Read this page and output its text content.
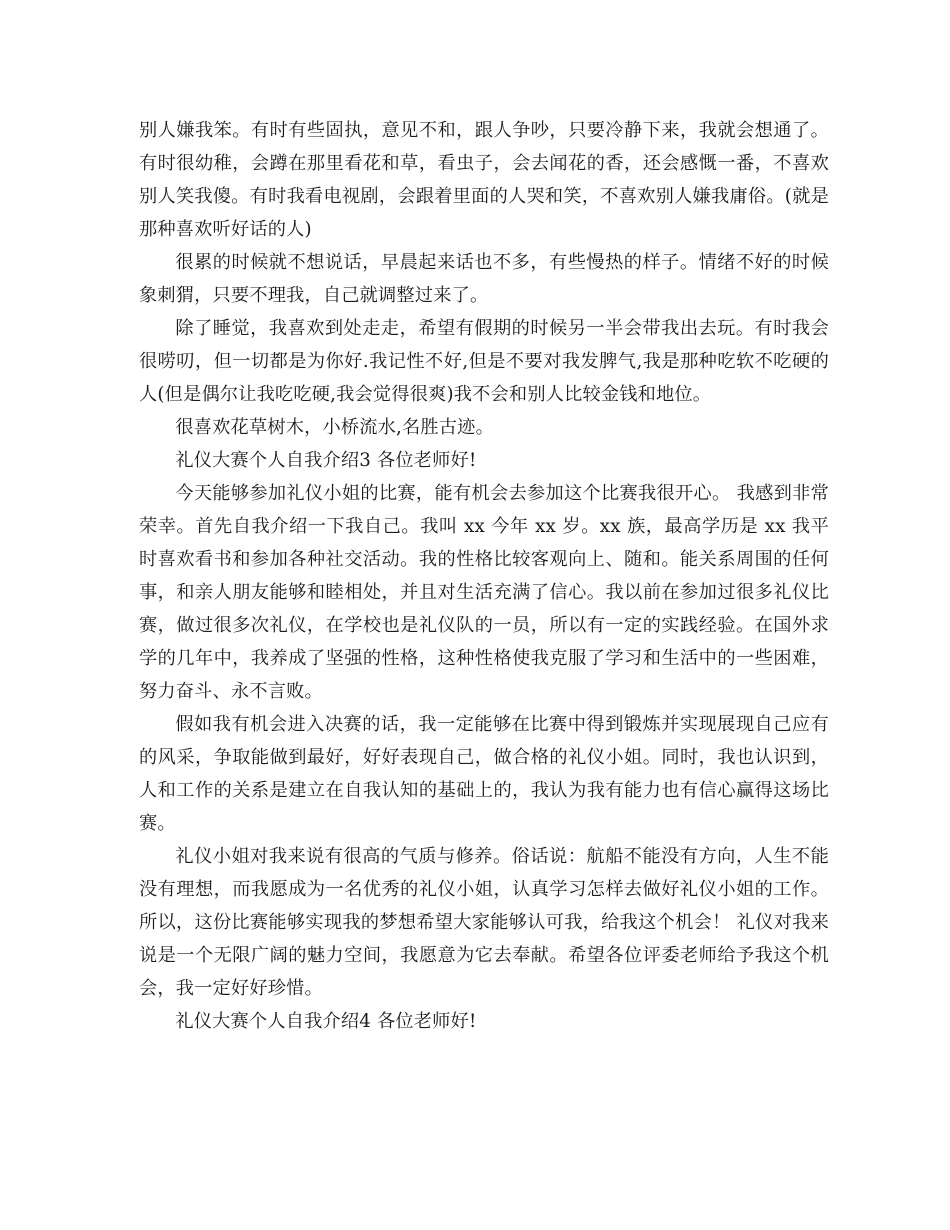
别人嫌我笨。有时有些固执，意见不和，跟人争吵，只要冷静下来，我就会想通了。有时很幼稚，会蹲在那里看花和草，看虫子，会去闻花的香，还会感慨一番，不喜欢别人笑我傻。有时我看电视剧，会跟着里面的人哭和笑，不喜欢别人嫌我庸俗。(就是那种喜欢听好话的人)

很累的时候就不想说话，早晨起来话也不多，有些慢热的样子。情绪不好的时候象刺猬，只要不理我，自己就调整过来了。

除了睡觉，我喜欢到处走走，希望有假期的时候另一半会带我出去玩。有时我会很唠叨，但一切都是为你好.我记性不好,但是不要对我发脾气,我是那种吃软不吃硬的人(但是偶尔让我吃吃硬,我会觉得很爽)我不会和别人比较金钱和地位。

很喜欢花草树木，小桥流水,名胜古迹。

礼仪大赛个人自我介绍3 各位老师好!

今天能够参加礼仪小姐的比赛，能有机会去参加这个比赛我很开心。 我感到非常荣幸。首先自我介绍一下我自己。我叫 xx 今年 xx 岁。xx 族，最高学历是 xx 我平时喜欢看书和参加各种社交活动。我的性格比较客观向上、随和。能关系周围的任何事，和亲人朋友能够和睦相处，并且对生活充满了信心。我以前在参加过很多礼仪比赛，做过很多次礼仪，在学校也是礼仪队的一员，所以有一定的实践经验。在国外求学的几年中，我养成了坚强的性格，这种性格使我克服了学习和生活中的一些困难，努力奋斗、永不言败。

假如我有机会进入决赛的话，我一定能够在比赛中得到锻炼并实现展现自己应有的风采，争取能做到最好，好好表现自己，做合格的礼仪小姐。同时，我也认识到，人和工作的关系是建立在自我认知的基础上的，我认为我有能力也有信心赢得这场比赛。

礼仪小姐对我来说有很高的气质与修养。俗话说：航船不能没有方向，人生不能没有理想，而我愿成为一名优秀的礼仪小姐，认真学习怎样去做好礼仪小姐的工作。所以，这份比赛能够实现我的梦想希望大家能够认可我，给我这个机会！ 礼仪对我来说是一个无限广阔的魅力空间，我愿意为它去奉献。希望各位评委老师给予我这个机会，我一定好好珍惜。

礼仪大赛个人自我介绍4 各位老师好!
